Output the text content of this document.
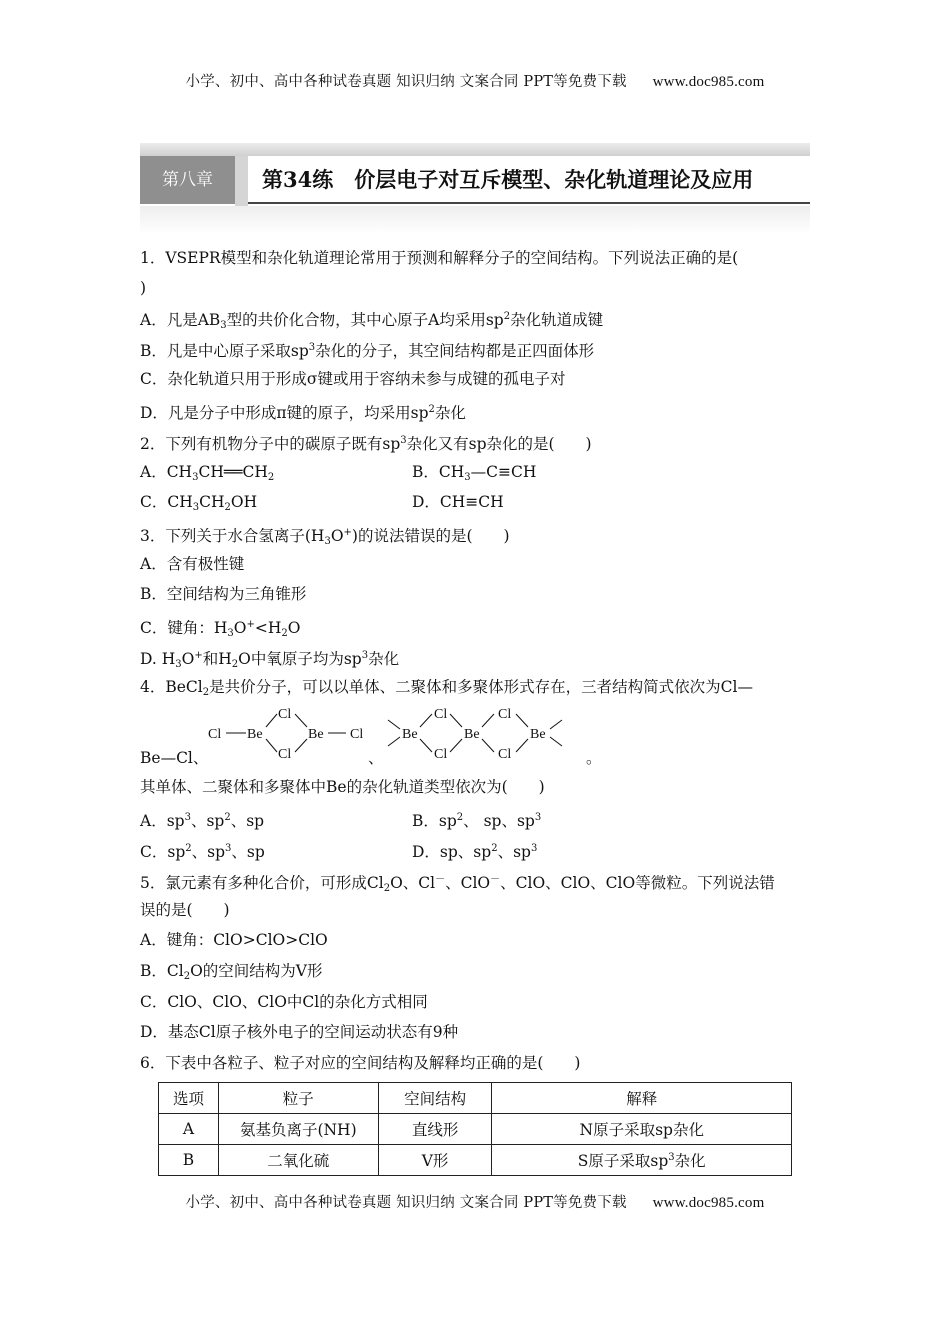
小学、初中、高中各种试卷真题 知识归纳 文案合同 PPT等免费下载 www.doc985.com
第八章	第34练　价层电子对互斥模型、杂化轨道理论及应用
1．VSEPR模型和杂化轨道理论常用于预测和解释分子的空间结构。下列说法正确的是(
)
A．凡是$AB_3$型的共价化合物，其中心原子A均采用$sp^2$杂化轨道成键
B．凡是中心原子采取$sp^3$杂化的分子，其空间结构都是正四面体形
C．杂化轨道只用于形成σ键或用于容纳未参与成键的孤电子对
D．凡是分子中形成π键的原子，均采用$sp^2$杂化
2．下列有机物分子中的碳原子既有$sp^3$杂化又有sp杂化的是(　　)
A．$CH_3CH══CH_2$	B．$CH_3—C\equiv CH$
C．$CH_3CH_2OH$	D．CH≡CH
3．下列关于水合氢离子$(H_3O^+)$的说法错误的是(　　)
A．含有极性键
B．空间结构为三角锥形
C．键角：$H_3O^+<H_2O$
D. $H_3O^+$和$H_2O$中氧原子均为$sp^3$杂化
4．BeCl$_2$是共价分子，可以以单体、二聚体和多聚体形式存在，三者结构简式依次为Cl—
Cl Be
Cl
Cl
Be Cl	Be
Cl
Cl
Be
Cl
Cl
Be
Be—Cl、	、	。
其单体、二聚体和多聚体中Be的杂化轨道类型依次为(　　)
A．$sp^3$、$sp^2$、sp	B．$sp^2$、 sp、$sp^3$
C．$sp^2$、$sp^3$、sp	D．sp、$sp^2$、$sp^3$
5．氯元素有多种化合价，可形成$Cl_2O$、Cl－、ClO－、ClO、ClO、ClO等微粒。下列说法错
误的是(　　)
A．键角：ClO>ClO>ClO
B．$Cl_2O$的空间结构为V形
C．ClO、ClO、ClO中Cl的杂化方式相同
D．基态Cl原子核外电子的空间运动状态有9种
6．下表中各粒子、粒子对应的空间结构及解释均正确的是(　　)
选项	粒子	空间结构	解释
A	氨基负离子(NH)	直线形	N原子采取sp杂化
B	二氧化硫	V形	S原子采取$sp^3$杂化
小学、初中、高中各种试卷真题 知识归纳 文案合同 PPT等免费下载 www.doc985.com
